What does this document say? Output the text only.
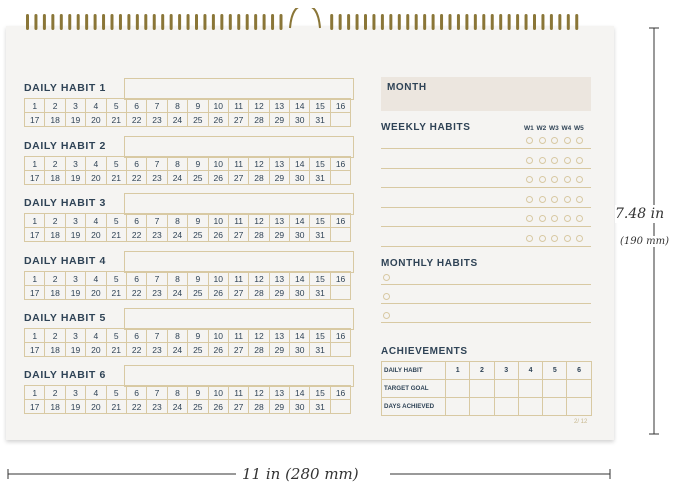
DAILY HABIT 1
1	2	3	4	5	6	7	8	9	10	11	12	13	14	15	16
17	18	19	20	21	22	23	24	25	26	27	28	29	30	31
DAILY HABIT 2
1	2	3	4	5	6	7	8	9	10	11	12	13	14	15	16
17	18	19	20	21	22	23	24	25	26	27	28	29	30	31
DAILY HABIT 3
1	2	3	4	5	6	7	8	9	10	11	12	13	14	15	16
17	18	19	20	21	22	23	24	25	26	27	28	29	30	31
DAILY HABIT 4
1	2	3	4	5	6	7	8	9	10	11	12	13	14	15	16
17	18	19	20	21	22	23	24	25	26	27	28	29	30	31
DAILY HABIT 5
1	2	3	4	5	6	7	8	9	10	11	12	13	14	15	16
17	18	19	20	21	22	23	24	25	26	27	28	29	30	31
DAILY HABIT 6
1	2	3	4	5	6	7	8	9	10	11	12	13	14	15	16
17	18	19	20	21	22	23	24	25	26	27	28	29	30	31
MONTH
WEEKLY HABITS	W1 W2 W3 W4 W5
MONTHLY HABITS
ACHIEVEMENTS
DAILY HABIT	1	2	3	4	5	6
TARGET GOAL
DAYS ACHIEVED
2/ 12
7.48 in
(190 mm)
11 in (280 mm)
